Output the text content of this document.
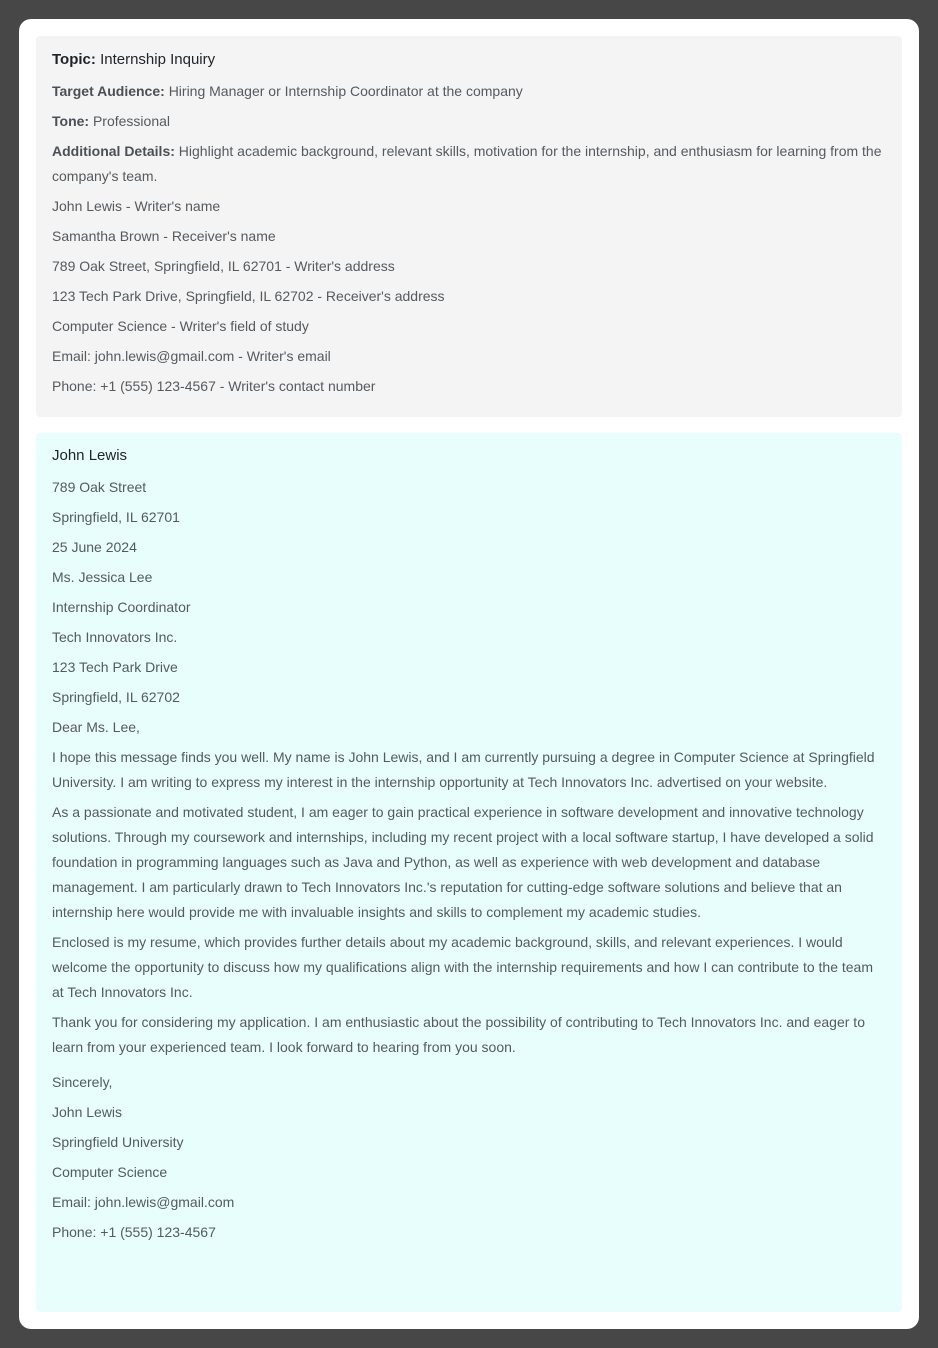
Topic: Internship Inquiry
Target Audience: Hiring Manager or Internship Coordinator at the company
Tone: Professional
Additional Details: Highlight academic background, relevant skills, motivation for the internship, and enthusiasm for learning from the company's team.
John Lewis - Writer's name
Samantha Brown - Receiver's name
789 Oak Street, Springfield, IL 62701 - Writer's address
123 Tech Park Drive, Springfield, IL 62702 - Receiver's address
Computer Science - Writer's field of study
Email: john.lewis@gmail.com - Writer's email
Phone: +1 (555) 123-4567 - Writer's contact number
John Lewis
789 Oak Street
Springfield, IL 62701
25 June 2024
Ms. Jessica Lee
Internship Coordinator
Tech Innovators Inc.
123 Tech Park Drive
Springfield, IL 62702
Dear Ms. Lee,

I hope this message finds you well. My name is John Lewis, and I am currently pursuing a degree in Computer Science at Springfield University. I am writing to express my interest in the internship opportunity at Tech Innovators Inc. advertised on your website.

As a passionate and motivated student, I am eager to gain practical experience in software development and innovative technology solutions. Through my coursework and internships, including my recent project with a local software startup, I have developed a solid foundation in programming languages such as Java and Python, as well as experience with web development and database management. I am particularly drawn to Tech Innovators Inc.'s reputation for cutting-edge software solutions and believe that an internship here would provide me with invaluable insights and skills to complement my academic studies.

Enclosed is my resume, which provides further details about my academic background, skills, and relevant experiences. I would welcome the opportunity to discuss how my qualifications align with the internship requirements and how I can contribute to the team at Tech Innovators Inc.

Thank you for considering my application. I am enthusiastic about the possibility of contributing to Tech Innovators Inc. and eager to learn from your experienced team. I look forward to hearing from you soon.

Sincerely,
John Lewis
Springfield University
Computer Science
Email: john.lewis@gmail.com
Phone: +1 (555) 123-4567
